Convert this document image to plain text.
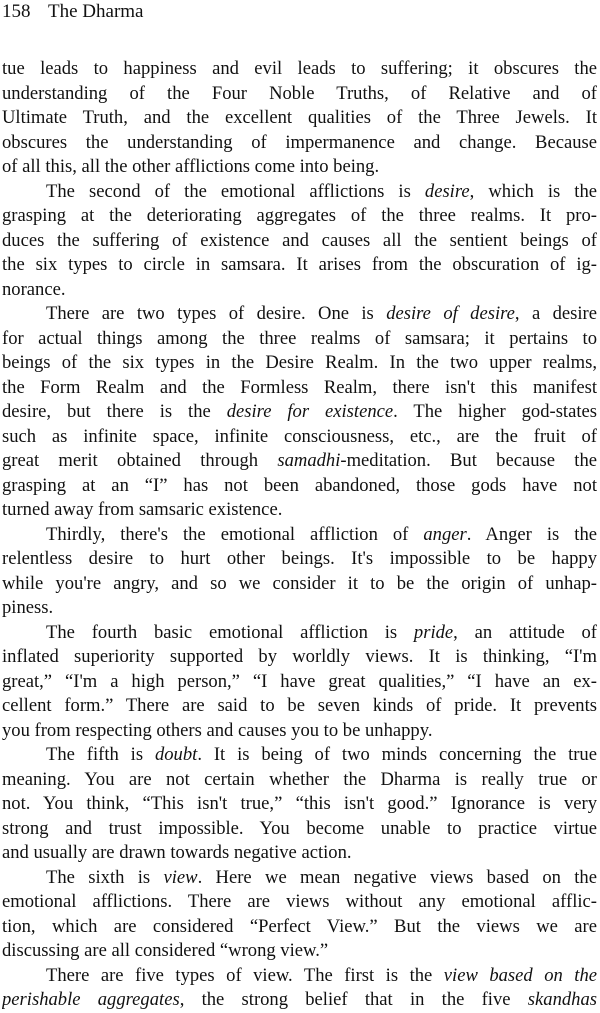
158 The Dharma
tue leads to happiness and evil leads to suffering; it obscures the
understanding of the Four Noble Truths, of Relative and of
Ultimate Truth, and the excellent qualities of the Three Jewels. It
obscures the understanding of impermanence and change. Because
of all this, all the other afflictions come into being.
The second of the emotional afflictions is desire, which is the
grasping at the deteriorating aggregates of the three realms. It pro-
duces the suffering of existence and causes all the sentient beings of
the six types to circle in samsara. It arises from the obscuration of ig-
norance.
There are two types of desire. One is desire of desire, a desire
for actual things among the three realms of samsara; it pertains to
beings of the six types in the Desire Realm. In the two upper realms,
the Form Realm and the Formless Realm, there isn't this manifest
desire, but there is the desire for existence. The higher god-states
such as infinite space, infinite consciousness, etc., are the fruit of
great merit obtained through samadhi-meditation. But because the
grasping at an “I” has not been abandoned, those gods have not
turned away from samsaric existence.
Thirdly, there's the emotional affliction of anger. Anger is the
relentless desire to hurt other beings. It's impossible to be happy
while you're angry, and so we consider it to be the origin of unhap-
piness.
The fourth basic emotional affliction is pride, an attitude of
inflated superiority supported by worldly views. It is thinking, “I'm
great,” “I'm a high person,” “I have great qualities,” “I have an ex-
cellent form.” There are said to be seven kinds of pride. It prevents
you from respecting others and causes you to be unhappy.
The fifth is doubt. It is being of two minds concerning the true
meaning. You are not certain whether the Dharma is really true or
not. You think, “This isn't true,” “this isn't good.” Ignorance is very
strong and trust impossible. You become unable to practice virtue
and usually are drawn towards negative action.
The sixth is view. Here we mean negative views based on the
emotional afflictions. There are views without any emotional afflic-
tion, which are considered “Perfect View.” But the views we are
discussing are all considered “wrong view.”
There are five types of view. The first is the view based on the
perishable aggregates, the strong belief that in the five skandhas
